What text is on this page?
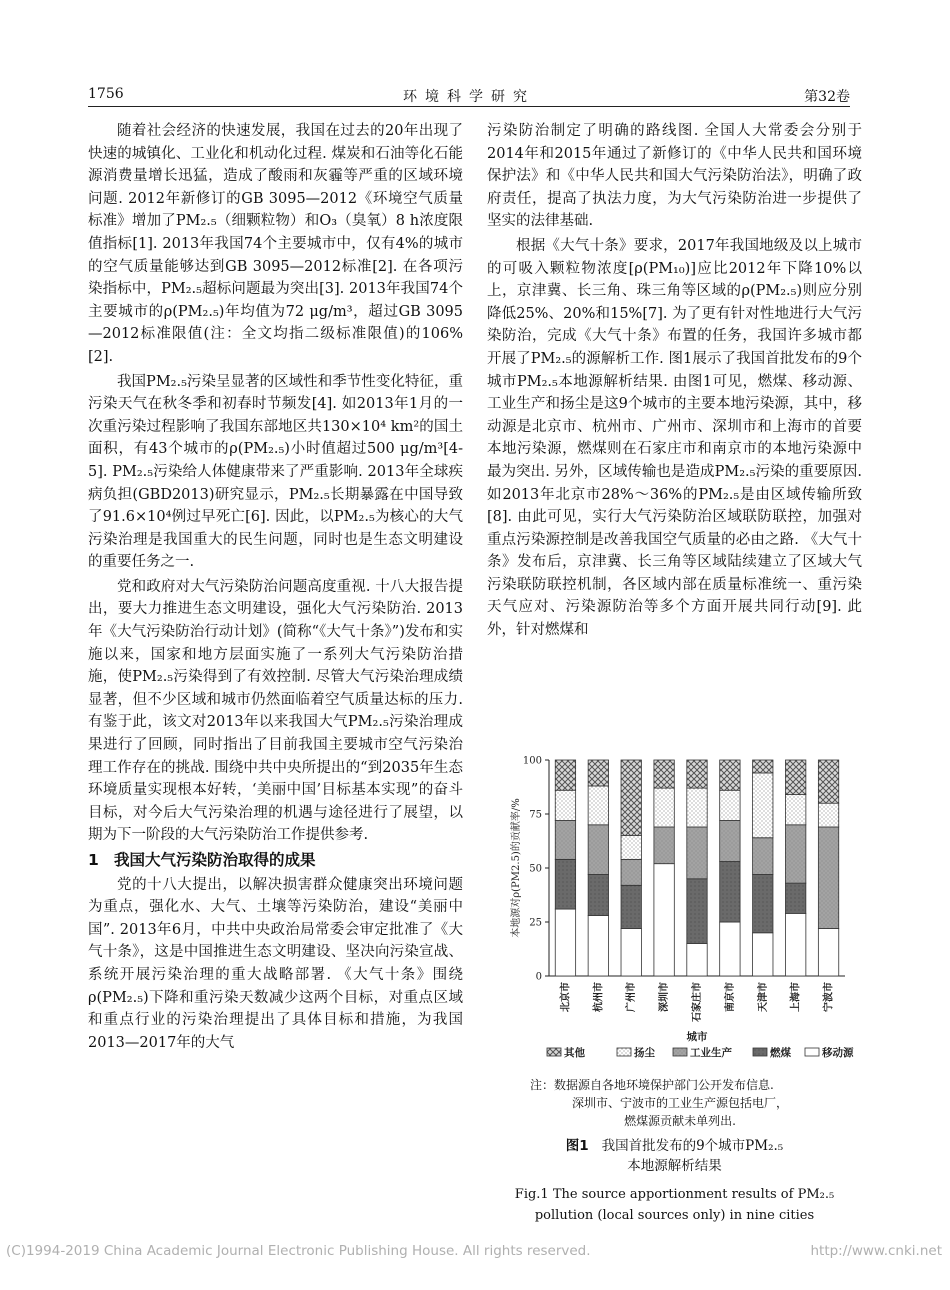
1756	环境科学研究	第32卷

随着社会经济的快速发展，我国在过去的20年出现了快速的城镇化、工业化和机动化过程. 煤炭和石油等化石能源消费量增长迅猛，造成了酸雨和灰霾等严重的区域环境问题. 2012年新修订的GB 3095—2012《环境空气质量标准》增加了PM₂.₅（细颗粒物）和O₃（臭氧）8 h浓度限值指标[1]. 2013年我国74个主要城市中，仅有4%的城市的空气质量能够达到GB 3095—2012标准[2]. 在各项污染指标中，PM₂.₅超标问题最为突出[3]. 2013年我国74个主要城市的ρ(PM₂.₅)年均值为72 μg/m³，超过GB 3095—2012标准限值(注：全文均指二级标准限值)的106%[2].

我国PM₂.₅污染呈显著的区域性和季节性变化特征，重污染天气在秋冬季和初春时节频发[4]. 如2013年1月的一次重污染过程影响了我国东部地区共130×10⁴ km²的国土面积，有43个城市的ρ(PM₂.₅)小时值超过500 μg/m³[4-5]. PM₂.₅污染给人体健康带来了严重影响. 2013年全球疾病负担(GBD2013)研究显示，PM₂.₅长期暴露在中国导致了91.6×10⁴例过早死亡[6]. 因此，以PM₂.₅为核心的大气污染治理是我国重大的民生问题，同时也是生态文明建设的重要任务之一.

党和政府对大气污染防治问题高度重视. 十八大报告提出，要大力推进生态文明建设，强化大气污染防治. 2013年《大气污染防治行动计划》(简称“《大气十条》”)发布和实施以来，国家和地方层面实施了一系列大气污染防治措施，使PM₂.₅污染得到了有效控制. 尽管大气污染治理成绩显著，但不少区域和城市仍然面临着空气质量达标的压力. 有鉴于此，该文对2013年以来我国大气PM₂.₅污染治理成果进行了回顾，同时指出了目前我国主要城市空气污染治理工作存在的挑战. 围绕中共中央所提出的“到2035年生态环境质量实现根本好转，‘美丽中国’目标基本实现”的奋斗目标，对今后大气污染治理的机遇与途径进行了展望，以期为下一阶段的大气污染防治工作提供参考.

1 我国大气污染防治取得的成果

党的十八大提出，以解决损害群众健康突出环境问题为重点，强化水、大气、土壤等污染防治，建设“美丽中国”. 2013年6月，中共中央政治局常委会审定批准了《大气十条》，这是中国推进生态文明建设、坚决向污染宣战、系统开展污染治理的重大战略部署. 《大气十条》围绕ρ(PM₂.₅)下降和重污染天数减少这两个目标，对重点区域和重点行业的污染治理提出了具体目标和措施，为我国2013—2017年的大气

污染防治制定了明确的路线图. 全国人大常委会分别于2014年和2015年通过了新修订的《中华人民共和国环境保护法》和《中华人民共和国大气污染防治法》，明确了政府责任，提高了执法力度，为大气污染防治进一步提供了坚实的法律基础.

根据《大气十条》要求，2017年我国地级及以上城市的可吸入颗粒物浓度[ρ(PM₁₀)]应比2012年下降10%以上，京津冀、长三角、珠三角等区域的ρ(PM₂.₅)则应分别降低25%、20%和15%[7]. 为了更有针对性地进行大气污染防治，完成《大气十条》布置的任务，我国许多城市都开展了PM₂.₅的源解析工作. 图1展示了我国首批发布的9个城市PM₂.₅本地源解析结果. 由图1可见，燃煤、移动源、工业生产和扬尘是这9个城市的主要本地污染源，其中，移动源是北京市、杭州市、广州市、深圳市和上海市的首要本地污染源，燃煤则在石家庄市和南京市的本地污染源中最为突出. 另外，区域传输也是造成PM₂.₅污染的重要原因. 如2013年北京市28%～36%的PM₂.₅是由区域传输所致[8]. 由此可见，实行大气污染防治区域联防联控，加强对重点污染源控制是改善我国空气质量的必由之路. 《大气十条》发布后，京津冀、长三角等区域陆续建立了区域大气污染联防联控机制，各区域内部在质量标准统一、重污染天气应对、污染源防治等多个方面开展共同行动[9]. 此外，针对燃煤和

0
25
50
75
100
本地源对ρ(PM2.5)的贡献率/%
北京市 杭州市 广州市 深圳市 石家庄市 南京市 天津市 上海市 宁波市
城市
其他	扬尘	工业生产	燃煤	移动源
注：数据源自各地环境保护部门公开发布信息.
深圳市、宁波市的工业生产源包括电厂，
燃煤源贡献未单列出.
图1 我国首批发布的9个城市PM₂.₅
本地源解析结果
Fig.1 The source apportionment results of PM₂.₅
pollution (local sources only) in nine cities
(C)1994-2019 China Academic Journal Electronic Publishing House. All rights reserved.	http://www.cnki.net
